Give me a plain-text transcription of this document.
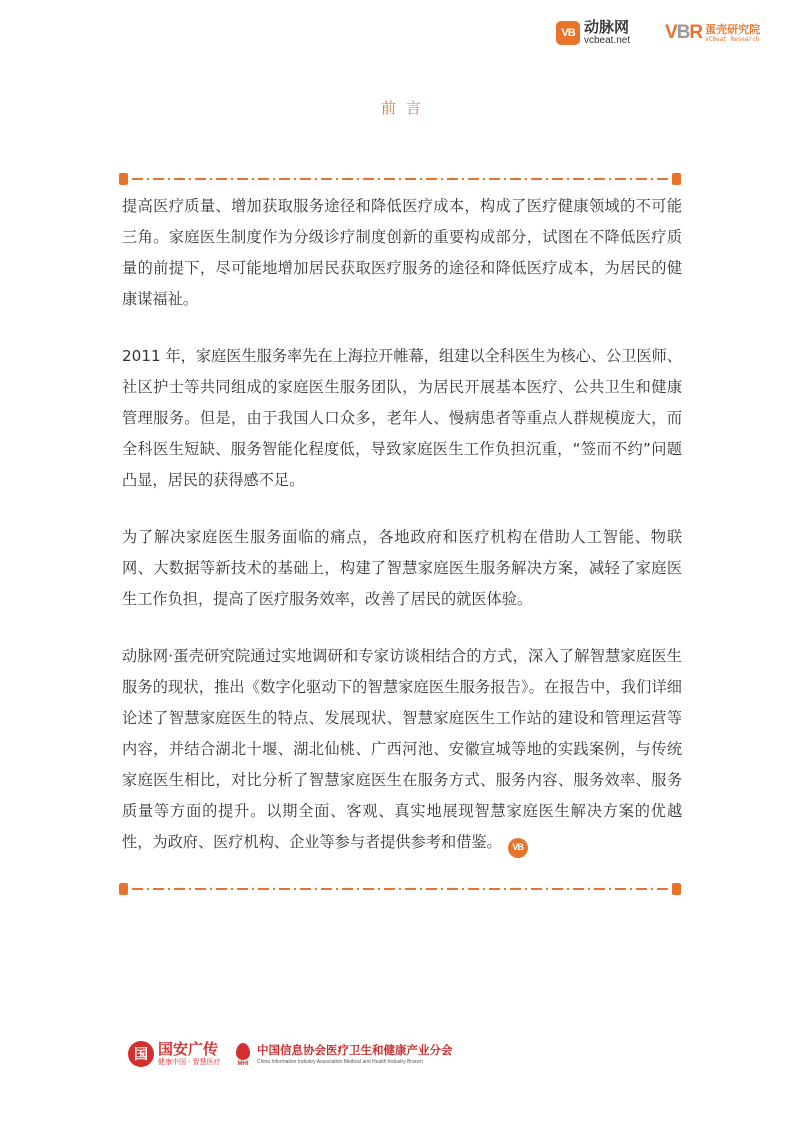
VB 动脉网
vcbeat.net VBR 蛋壳研究院
VCBeat Research
前言

提高医疗质量、增加获取服务途径和降低医疗成本，构成了医疗健康领域的不可能三角。家庭医生制度作为分级诊疗制度创新的重要构成部分，试图在不降低医疗质量的前提下，尽可能地增加居民获取医疗服务的途径和降低医疗成本，为居民的健康谋福祉。

2011 年，家庭医生服务率先在上海拉开帷幕，组建以全科医生为核心、公卫医师、社区护士等共同组成的家庭医生服务团队，为居民开展基本医疗、公共卫生和健康管理服务。但是，由于我国人口众多，老年人、慢病患者等重点人群规模庞大，而全科医生短缺、服务智能化程度低，导致家庭医生工作负担沉重，“签而不约”问题凸显，居民的获得感不足。

为了解决家庭医生服务面临的痛点，各地政府和医疗机构在借助人工智能、物联网、大数据等新技术的基础上，构建了智慧家庭医生服务解决方案，减轻了家庭医生工作负担，提高了医疗服务效率，改善了居民的就医体验。

动脉网·蛋壳研究院通过实地调研和专家访谈相结合的方式，深入了解智慧家庭医生服务的现状，推出《数字化驱动下的智慧家庭医生服务报告》。在报告中，我们详细论述了智慧家庭医生的特点、发展现状、智慧家庭医生工作站的建设和管理运营等内容，并结合湖北十堰、湖北仙桃、广西河池、安徽宣城等地的实践案例，与传统家庭医生相比，对比分析了智慧家庭医生在服务方式、服务内容、服务效率、服务质量等方面的提升。以期全面、客观、真实地展现智慧家庭医生解决方案的优越性，为政府、医疗机构、企业等参与者提供参考和借鉴。 VB

国 国安广传
健康中国 · 智慧医疗	MHI
中国信息协会医疗卫生和健康产业分会
China Information Industry Association Medical and Health Industry Branch
